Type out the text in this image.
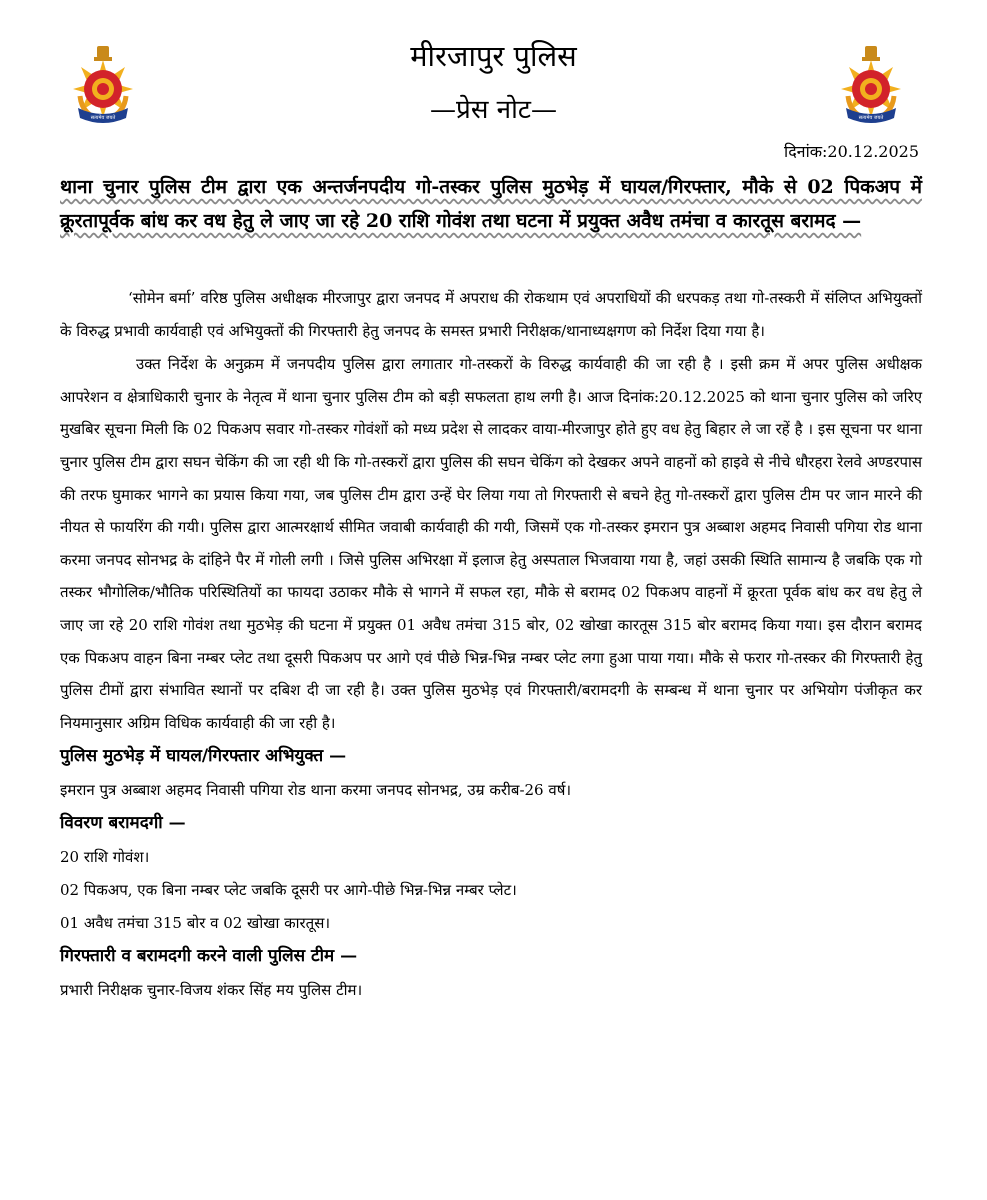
सत्यमेव जयते	सत्यमेव जयते
मीरजापुर पुलिस
—प्रेस नोट—
दिनांक:20.12.2025
थाना चुनार पुलिस टीम द्वारा एक अन्तर्जनपदीय गो-तस्कर पुलिस मुठभेड़ में घायल/गिरफ्तार, मौके से 02 पिकअप में क्रूरतापूर्वक बांध कर वध हेतु ले जाए जा रहे 20 राशि गोवंश तथा घटना में प्रयुक्त अवैध तमंचा व कारतूस बरामद —

‘सोमेन बर्मा’ वरिष्ठ पुलिस अधीक्षक मीरजापुर द्वारा जनपद में अपराध की रोकथाम एवं अपराधियों की धरपकड़ तथा गो-तस्करी में संलिप्त अभियुक्तों के विरुद्ध प्रभावी कार्यवाही एवं अभियुक्तों की गिरफ्तारी हेतु जनपद के समस्त प्रभारी निरीक्षक/थानाध्यक्षगण को निर्देश दिया गया है।

उक्त निर्देश के अनुक्रम में जनपदीय पुलिस द्वारा लगातार गो-तस्करों के विरुद्ध कार्यवाही की जा रही है । इसी क्रम में अपर पुलिस अधीक्षक आपरेशन व क्षेत्राधिकारी चुनार के नेतृत्व में थाना चुनार पुलिस टीम को बड़ी सफलता हाथ लगी है। आज दिनांक:20.12.2025 को थाना चुनार पुलिस को जरिए मुखबिर सूचना मिली कि 02 पिकअप सवार गो-तस्कर गोवंशों को मध्य प्रदेश से लादकर वाया-मीरजापुर होते हुए वध हेतु बिहार ले जा रहें है । इस सूचना पर थाना चुनार पुलिस टीम द्वारा सघन चेकिंग की जा रही थी कि गो-तस्करों द्वारा पुलिस की सघन चेकिंग को देखकर अपने वाहनों को हाइवे से नीचे धौरहरा रेलवे अण्डरपास की तरफ घुमाकर भागने का प्रयास किया गया, जब पुलिस टीम द्वारा उन्हें घेर लिया गया तो गिरफ्तारी से बचने हेतु गो-तस्करों द्वारा पुलिस टीम पर जान मारने की नीयत से फायरिंग की गयी। पुलिस द्वारा आत्मरक्षार्थ सीमित जवाबी कार्यवाही की गयी, जिसमें एक गो-तस्कर इमरान पुत्र अब्बाश अहमद निवासी पगिया रोड थाना करमा जनपद सोनभद्र के दांहिने पैर में गोली लगी । जिसे पुलिस अभिरक्षा में इलाज हेतु अस्पताल भिजवाया गया है, जहां उसकी स्थिति सामान्य है जबकि एक गो तस्कर भौगोलिक/भौतिक परिस्थितियों का फायदा उठाकर मौके से भागने में सफल रहा, मौके से बरामद 02 पिकअप वाहनों में क्रूरता पूर्वक बांध कर वध हेतु ले जाए जा रहे 20 राशि गोवंश तथा मुठभेड़ की घटना में प्रयुक्त 01 अवैध तमंचा 315 बोर, 02 खोखा कारतूस 315 बोर बरामद किया गया। इस दौरान बरामद एक पिकअप वाहन बिना नम्बर प्लेट तथा दूसरी पिकअप पर आगे एवं पीछे भिन्न-भिन्न नम्बर प्लेट लगा हुआ पाया गया। मौके से फरार गो-तस्कर की गिरफ्तारी हेतु पुलिस टीमों द्वारा संभावित स्थानों पर दबिश दी जा रही है। उक्त पुलिस मुठभेड़ एवं गिरफ्तारी/बरामदगी के सम्बन्ध में थाना चुनार पर अभियोग पंजीकृत कर नियमानुसार अग्रिम विधिक कार्यवाही की जा रही है।

पुलिस मुठभेड़ में घायल/गिरफ्तार अभियुक्त —
इमरान पुत्र अब्बाश अहमद निवासी पगिया रोड थाना करमा जनपद सोनभद्र, उम्र करीब-26 वर्ष।
विवरण बरामदगी —
20 राशि गोवंश।
02 पिकअप, एक बिना नम्बर प्लेट जबकि दूसरी पर आगे-पीछे भिन्न-भिन्न नम्बर प्लेट।
01 अवैध तमंचा 315 बोर व 02 खोखा कारतूस।
गिरफ्तारी व बरामदगी करने वाली पुलिस टीम —
प्रभारी निरीक्षक चुनार-विजय शंकर सिंह मय पुलिस टीम।
